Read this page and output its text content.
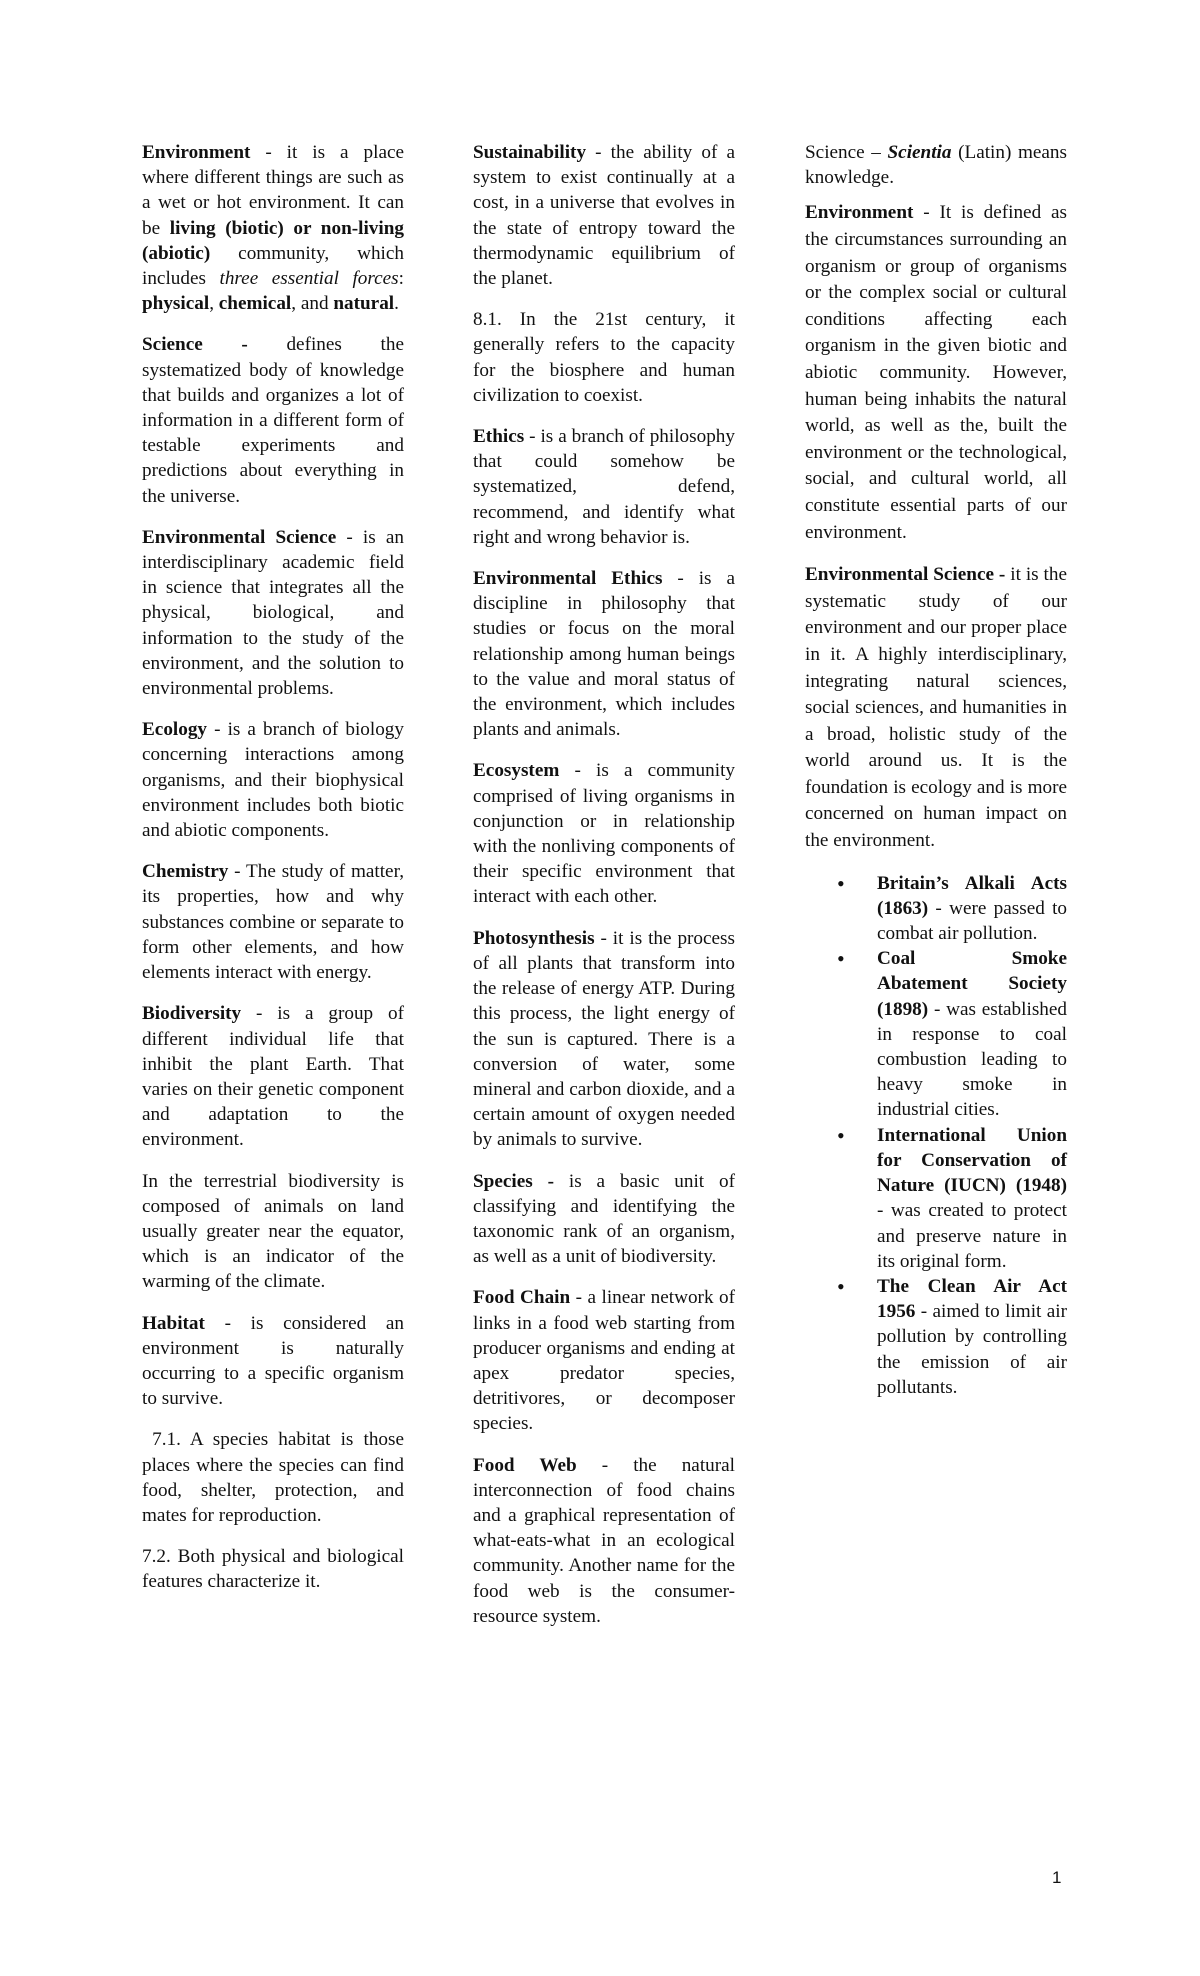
Environment - it is a place where different things are such as a wet or hot environment. It can be living (biotic) or non-living (abiotic) community, which includes three essential forces: physical, chemical, and natural.

Science - defines the systematized body of knowledge that builds and organizes a lot of information in a different form of testable experiments and predictions about everything in the universe.

Environmental Science - is an interdisciplinary academic field in science that integrates all the physical, biological, and information to the study of the environment, and the solution to environmental problems.

Ecology - is a branch of biology concerning interactions among organisms, and their biophysical environment includes both biotic and abiotic components.

Chemistry - The study of matter, its properties, how and why substances combine or separate to form other elements, and how elements interact with energy.

Biodiversity - is a group of different individual life that inhibit the plant Earth. That varies on their genetic component and adaptation to the environment.

In the terrestrial biodiversity is composed of animals on land usually greater near the equator, which is an indicator of the warming of the climate.

Habitat - is considered an environment is naturally occurring to a specific organism to survive.

7.1. A species habitat is those places where the species can find food, shelter, protection, and mates for reproduction.

7.2. Both physical and biological features characterize it.

Sustainability - the ability of a system to exist continually at a cost, in a universe that evolves in the state of entropy toward the thermodynamic equilibrium of the planet.

8.1. In the 21st century, it generally refers to the capacity for the biosphere and human civilization to coexist.

Ethics - is a branch of philosophy that could somehow be systematized, defend, recommend, and identify what right and wrong behavior is.

Environmental Ethics - is a discipline in philosophy that studies or focus on the moral relationship among human beings to the value and moral status of the environment, which includes plants and animals.

Ecosystem - is a community comprised of living organisms in conjunction or in relationship with the nonliving components of their specific environment that interact with each other.

Photosynthesis - it is the process of all plants that transform into the release of energy ATP. During this process, the light energy of the sun is captured. There is a conversion of water, some mineral and carbon dioxide, and a certain amount of oxygen needed by animals to survive.

Species - is a basic unit of classifying and identifying the taxonomic rank of an organism, as well as a unit of biodiversity.

Food Chain - a linear network of links in a food web starting from producer organisms and ending at apex predator species, detritivores, or decomposer species.

Food Web - the natural interconnection of food chains and a graphical representation of what-eats-what in an ecological community. Another name for the food web is the consumer-resource system.

Science – Scientia (Latin) means knowledge.

Environment - It is defined as the circumstances surrounding an organism or group of organisms or the complex social or cultural conditions affecting each organism in the given biotic and abiotic community. However, human being inhabits the natural world, as well as the, built the environment or the technological, social, and cultural world, all constitute essential parts of our environment.

Environmental Science - it is the systematic study of our environment and our proper place in it. A highly interdisciplinary, integrating natural sciences, social sciences, and humanities in a broad, holistic study of the world around us. It is the foundation is ecology and is more concerned on human impact on the environment.

• Britain’s Alkali Acts (1863) - were passed to combat air pollution.
• Coal Smoke Abatement Society (1898) - was established in response to coal combustion leading to heavy smoke in industrial cities.
• International Union for Conservation of Nature (IUCN) (1948) - was created to protect and preserve nature in its original form.
• The Clean Air Act 1956 - aimed to limit air pollution by controlling the emission of air pollutants.
1
